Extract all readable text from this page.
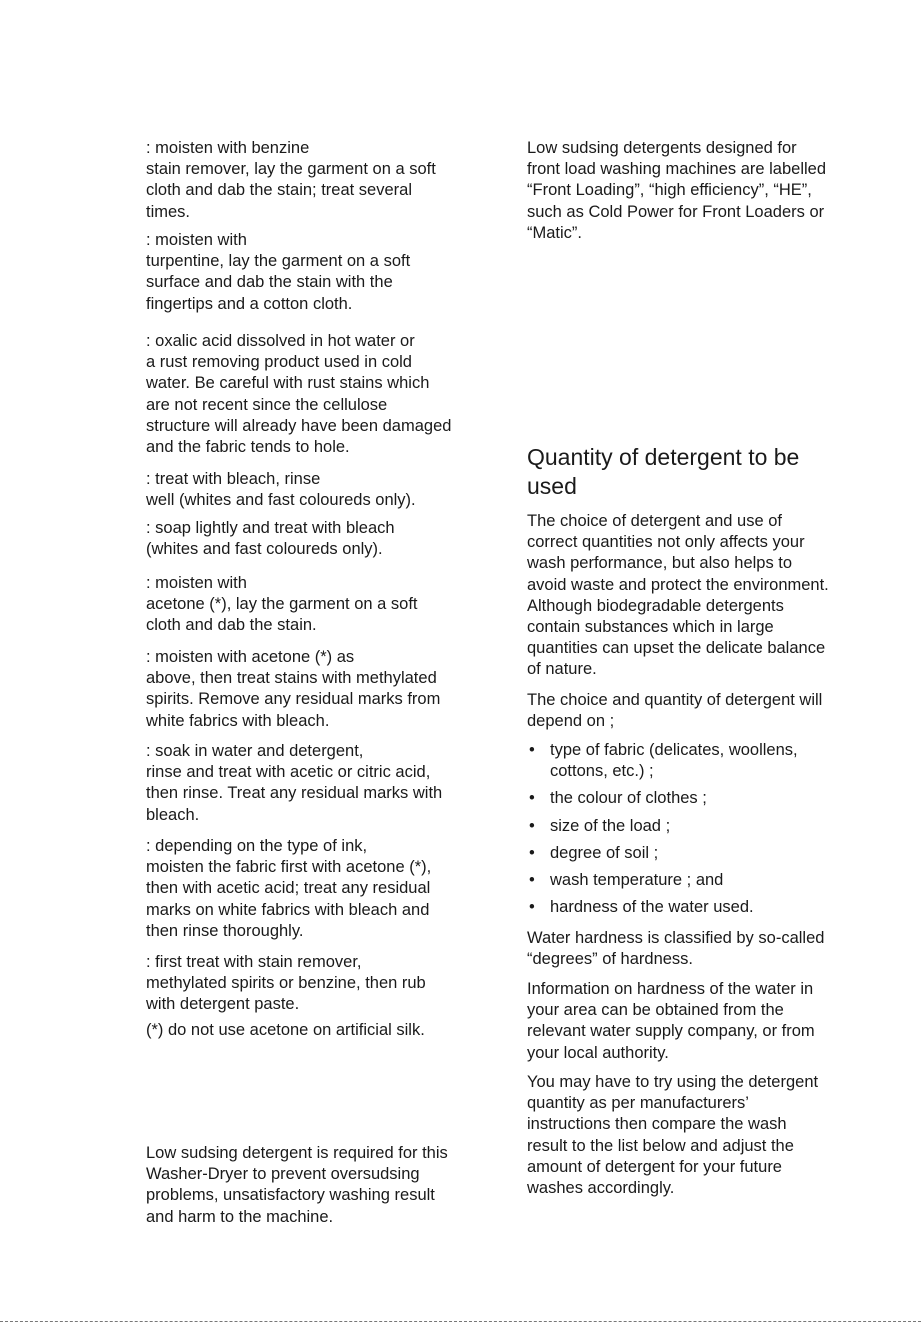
: moisten with benzine
stain remover, lay the garment on a soft
cloth and dab the stain; treat several
times.

: moisten with
turpentine, lay the garment on a soft
surface and dab the stain with the
fingertips and a cotton cloth.

: oxalic acid dissolved in hot water or
a rust removing product used in cold
water. Be careful with rust stains which
are not recent since the cellulose
structure will already have been damaged
and the fabric tends to hole.

: treat with bleach, rinse
well (whites and fast coloureds only).

: soap lightly and treat with bleach
(whites and fast coloureds only).

: moisten with
acetone (*), lay the garment on a soft
cloth and dab the stain.

: moisten with acetone (*) as
above, then treat stains with methylated
spirits. Remove any residual marks from
white fabrics with bleach.

: soak in water and detergent,
rinse and treat with acetic or citric acid,
then rinse. Treat any residual marks with
bleach.

: depending on the type of ink,
moisten the fabric first with acetone (*),
then with acetic acid; treat any residual
marks on white fabrics with bleach and
then rinse thoroughly.

: first treat with stain remover,
methylated spirits or benzine, then rub
with detergent paste.

(*) do not use acetone on artificial silk.

Low sudsing detergent is required for this
Washer-Dryer to prevent oversudsing
problems, unsatisfactory washing result
and harm to the machine.

Low sudsing detergents designed for
front load washing machines are labelled
“Front Loading”, “high efficiency”, “HE”,
such as Cold Power for Front Loaders or
“Matic”.

Quantity of detergent to be
used

The choice of detergent and use of
correct quantities not only affects your
wash performance, but also helps to
avoid waste and protect the environment.
Although biodegradable detergents
contain substances which in large
quantities can upset the delicate balance
of nature.

The choice and quantity of detergent will
depend on ;

• type of fabric (delicates, woollens,
cottons, etc.) ;
• the colour of clothes ;
• size of the load ;
• degree of soil ;
• wash temperature ; and
• hardness of the water used.

Water hardness is classified by so-called
“degrees” of hardness.

Information on hardness of the water in
your area can be obtained from the
relevant water supply company, or from
your local authority.

You may have to try using the detergent
quantity as per manufacturers’
instructions then compare the wash
result to the list below and adjust the
amount of detergent for your future
washes accordingly.
